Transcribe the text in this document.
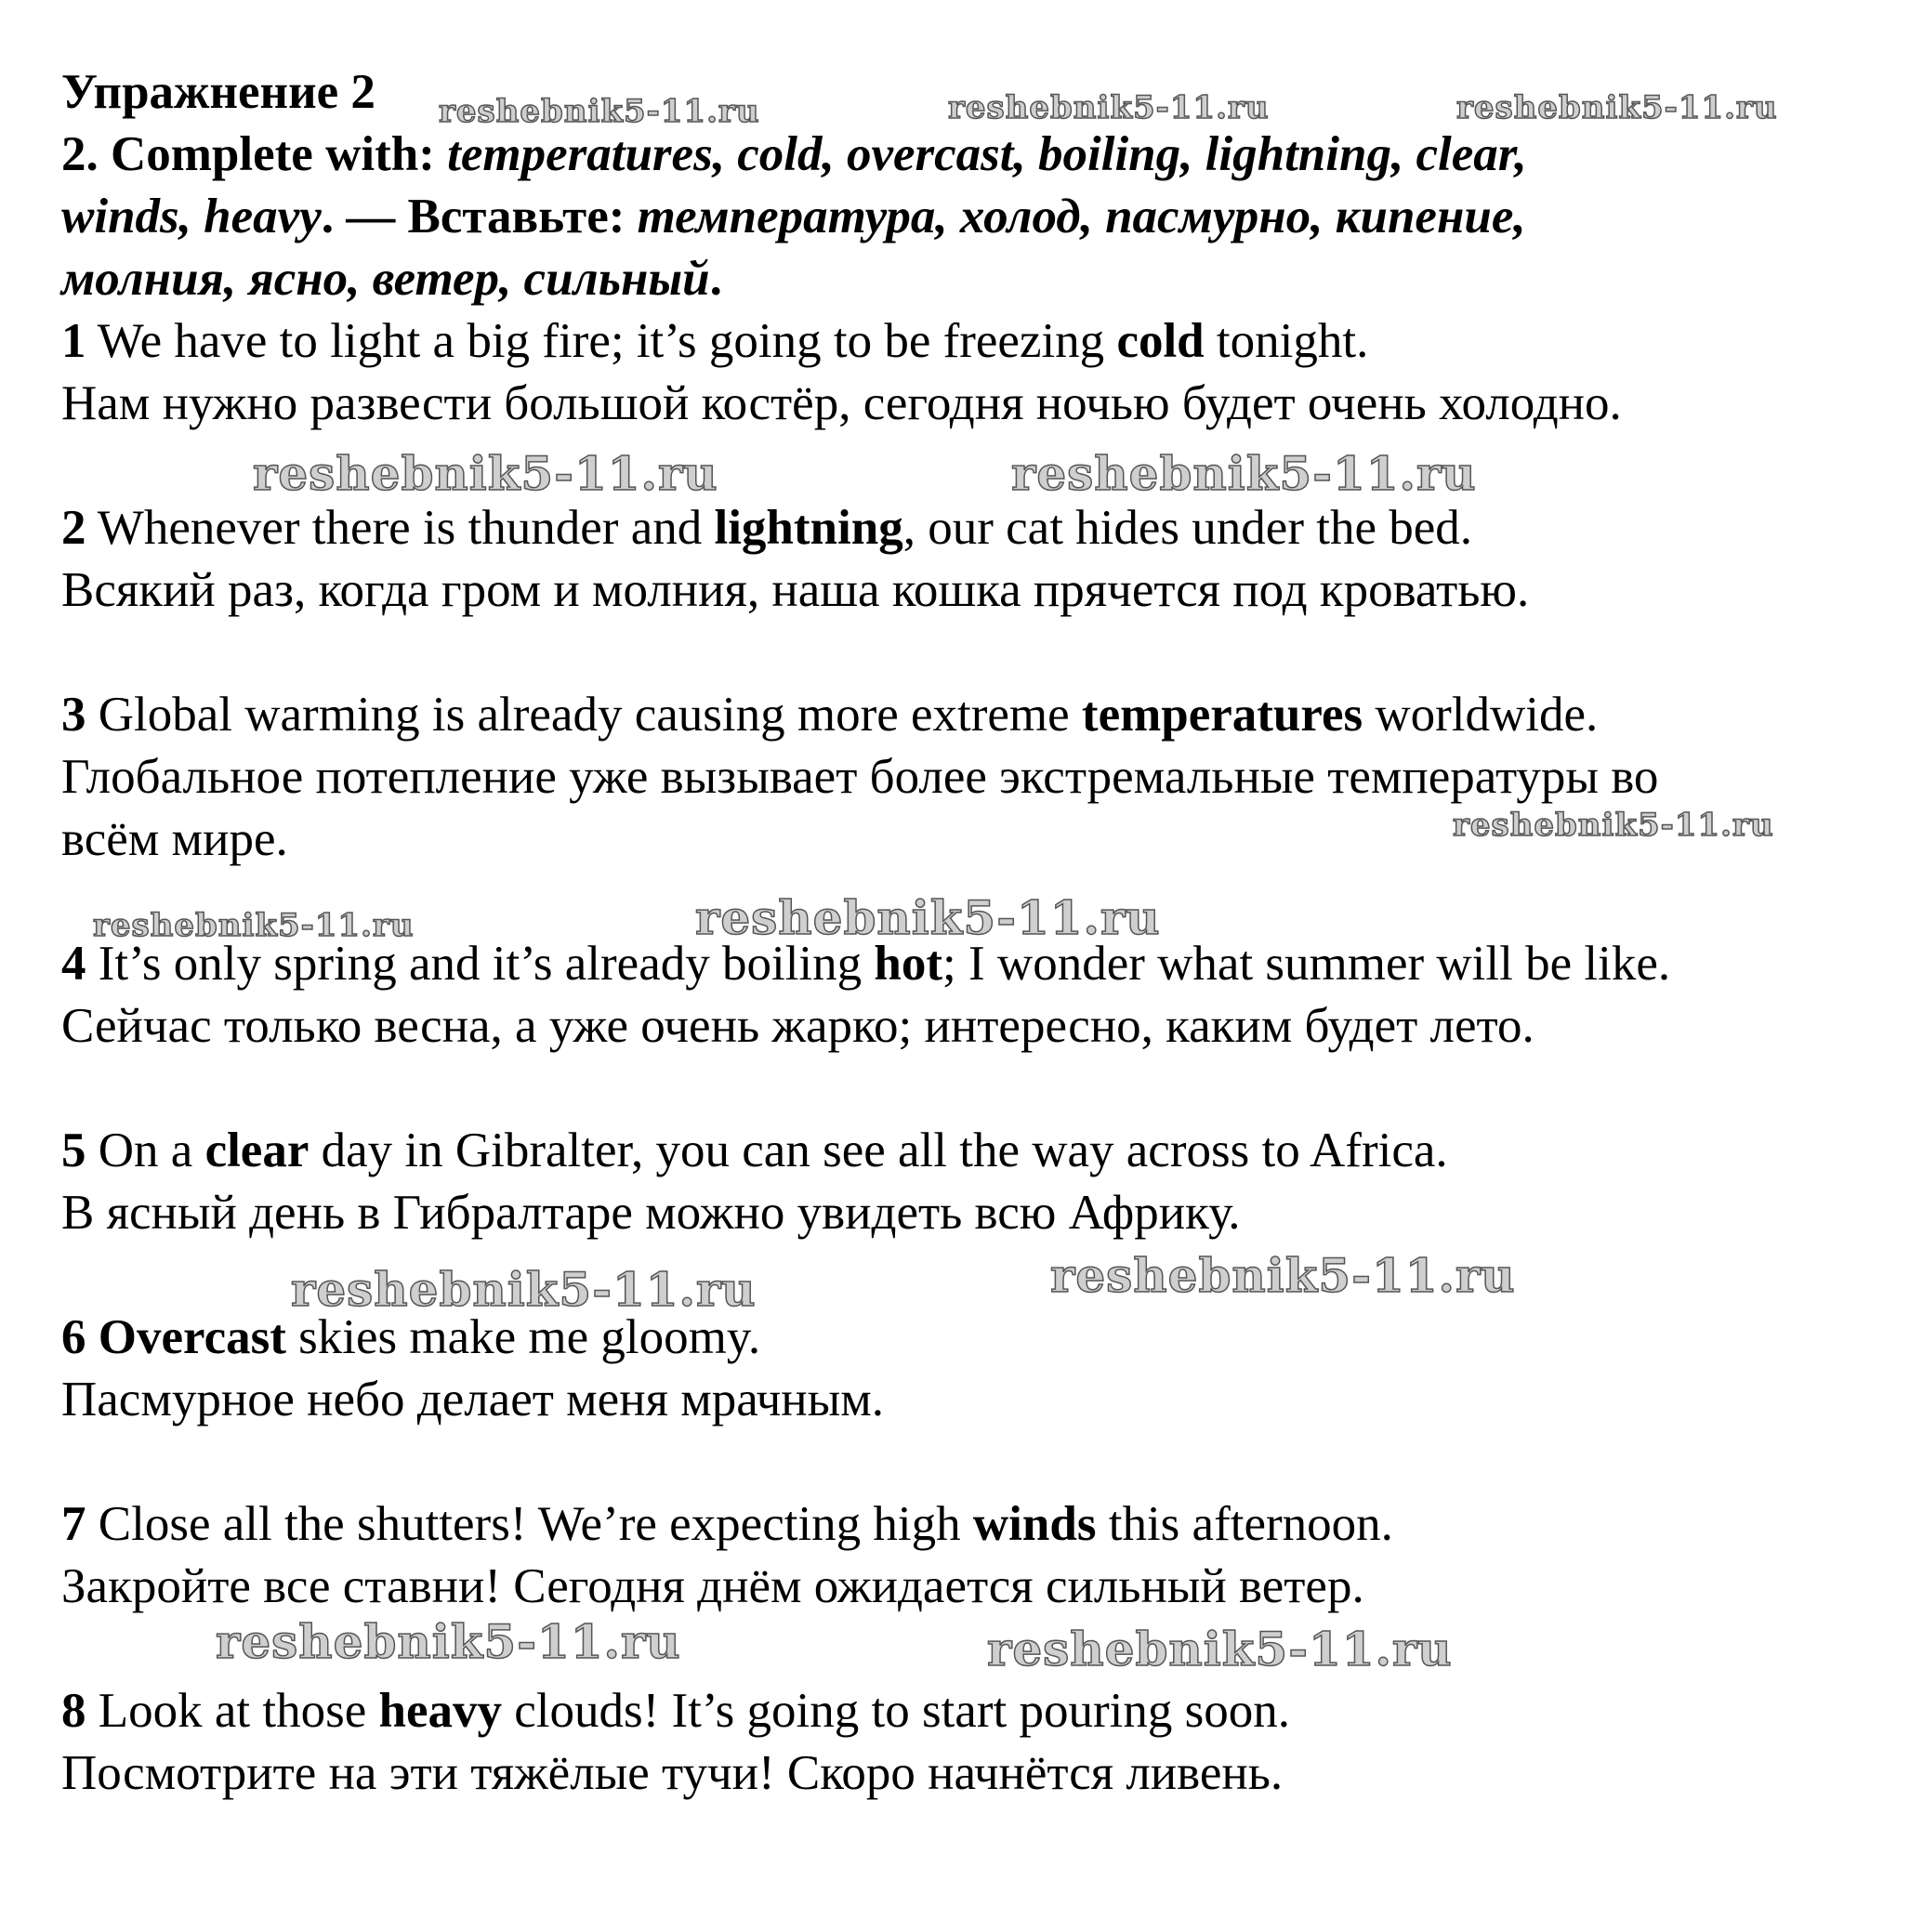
Упражнение 2
2. Complete with: temperatures, cold, overcast, boiling, lightning, clear,
winds, heavy. — Вставьте: температура, холод, пасмурно, кипение,
молния, ясно, ветер, сильный.
1 We have to light a big fire; it’s going to be freezing cold tonight.
Нам нужно развести большой костёр, сегодня ночью будет очень холодно.
2 Whenever there is thunder and lightning, our cat hides under the bed.
Всякий раз, когда гром и молния, наша кошка прячется под кроватью.
3 Global warming is already causing more extreme temperatures worldwide.
Глобальное потепление уже вызывает более экстремальные температуры во
всём мире.
4 It’s only spring and it’s already boiling hot; I wonder what summer will be like.
Сейчас только весна, а уже очень жарко; интересно, каким будет лето.
5 On a clear day in Gibralter, you can see all the way across to Africa.
В ясный день в Гибралтаре можно увидеть всю Африку.
6 Overcast skies make me gloomy.
Пасмурное небо делает меня мрачным.
7 Close all the shutters! We’re expecting high winds this afternoon.
Закройте все ставни! Сегодня днём ожидается сильный ветер.
8 Look at those heavy clouds! It’s going to start pouring soon.
Посмотрите на эти тяжёлые тучи! Скоро начнётся ливень.
reshebnik5-11.ru	reshebnik5-11.ru	reshebnik5-11.ru
reshebnik5-11.ru	reshebnik5-11.ru
reshebnik5-11.ru
reshebnik5-11.ru	reshebnik5-11.ru
reshebnik5-11.ru
reshebnik5-11.ru
reshebnik5-11.ru	reshebnik5-11.ru
